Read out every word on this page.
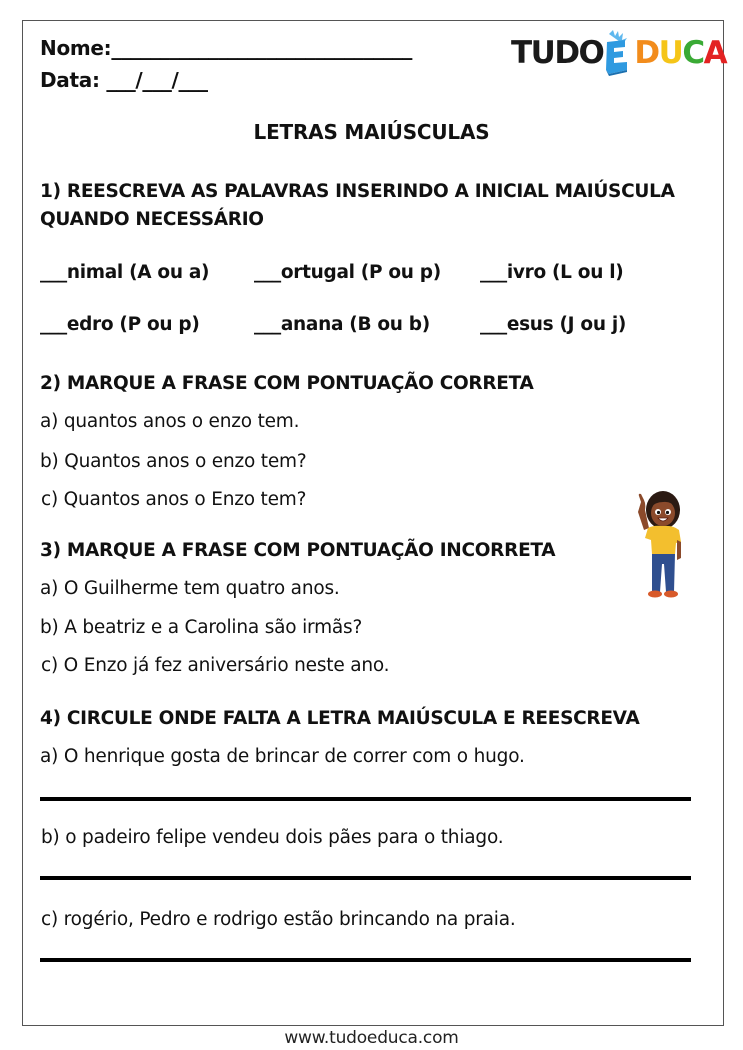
Nome:_______________________________
Data: ___/___/___
TUDO D U C A
LETRAS MAIÚSCULAS
1) REESCREVA AS PALAVRAS INSERINDO A INICIAL MAIÚSCULA
QUANDO NECESSÁRIO
___nimal (A ou a) ___ortugal (P ou p) ___ivro (L ou l)
___edro (P ou p)	___anana (B ou b)	___esus (J ou j)
2) MARQUE A FRASE COM PONTUAÇÃO CORRETA
a) quantos anos o enzo tem.
b) Quantos anos o enzo tem?
c) Quantos anos o Enzo tem?
3) MARQUE A FRASE COM PONTUAÇÃO INCORRETA
a) O Guilherme tem quatro anos.
b) A beatriz e a Carolina são irmãs?
c) O Enzo já fez aniversário neste ano.
4) CIRCULE ONDE FALTA A LETRA MAIÚSCULA E REESCREVA
a) O henrique gosta de brincar de correr com o hugo.
b) o padeiro felipe vendeu dois pães para o thiago.
c) rogério, Pedro e rodrigo estão brincando na praia.
www.tudoeduca.com
